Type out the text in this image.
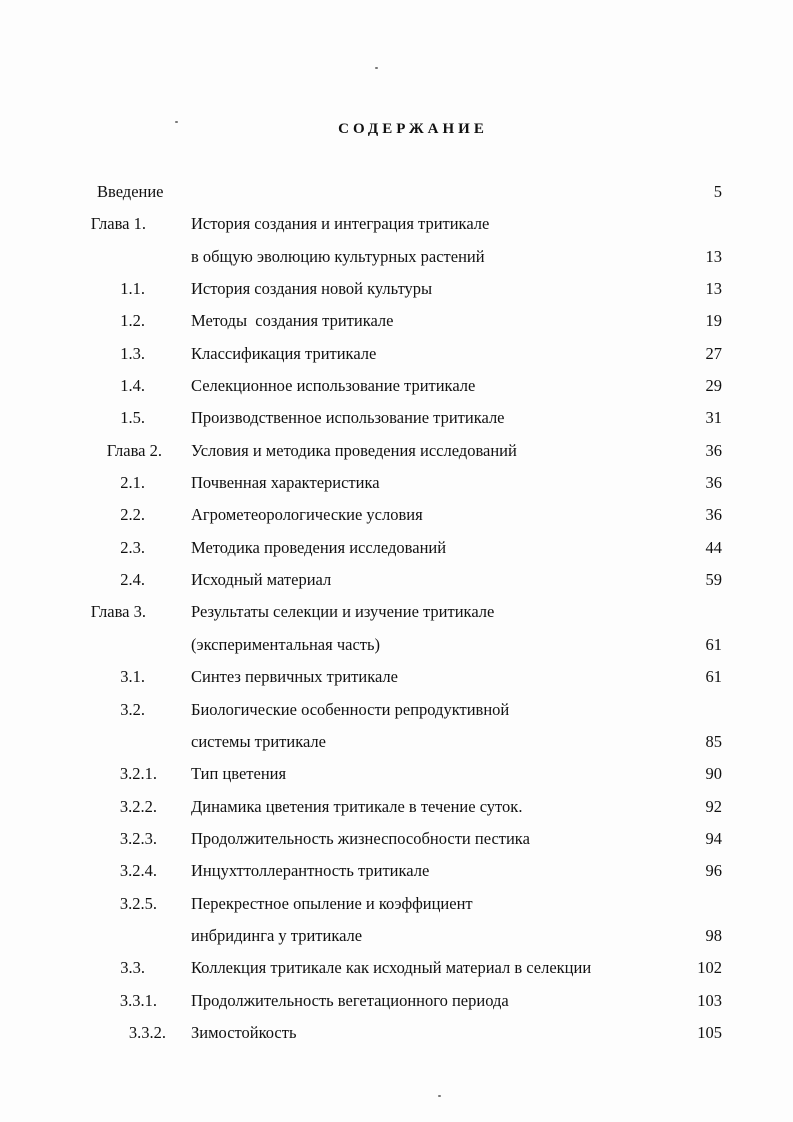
СОДЕРЖАНИЕ
Введение	5
Глава 1.	История создания и интеграция тритикале
в общую эволюцию культурных растений	13
1.1.	История создания новой культуры	13
1.2.	Методы  создания тритикале	19
1.3.	Классификация тритикале	27
1.4.	Селекционное использование тритикале	29
1.5.	Производственное использование тритикале	31
Глава 2. Условия и методика проведения исследований	36
2.1.	Почвенная характеристика	36
2.2.	Агрометеорологические условия	36
2.3.	Методика проведения исследований	44
2.4.	Исходный материал	59
Глава 3.	Результаты селекции и изучение тритикале
(экспериментальная часть)	61
3.1.	Синтез первичных тритикале	61
3.2.	Биологические особенности репродуктивной
системы тритикале	85
3.2.1. Тип цветения	90
3.2.2. Динамика цветения тритикале в течение суток.	92
3.2.3. Продолжительность жизнеспособности пестика	94
3.2.4. Инцухттоллерантность тритикале	96
3.2.5. Перекрестное опыление и коэффициент
инбридинга у тритикале	98
3.3.	Коллекция тритикале как исходный материал в селекции	102
3.3.1. Продолжительность вегетационного периода	103
3.3.2. Зимостойкость	105
